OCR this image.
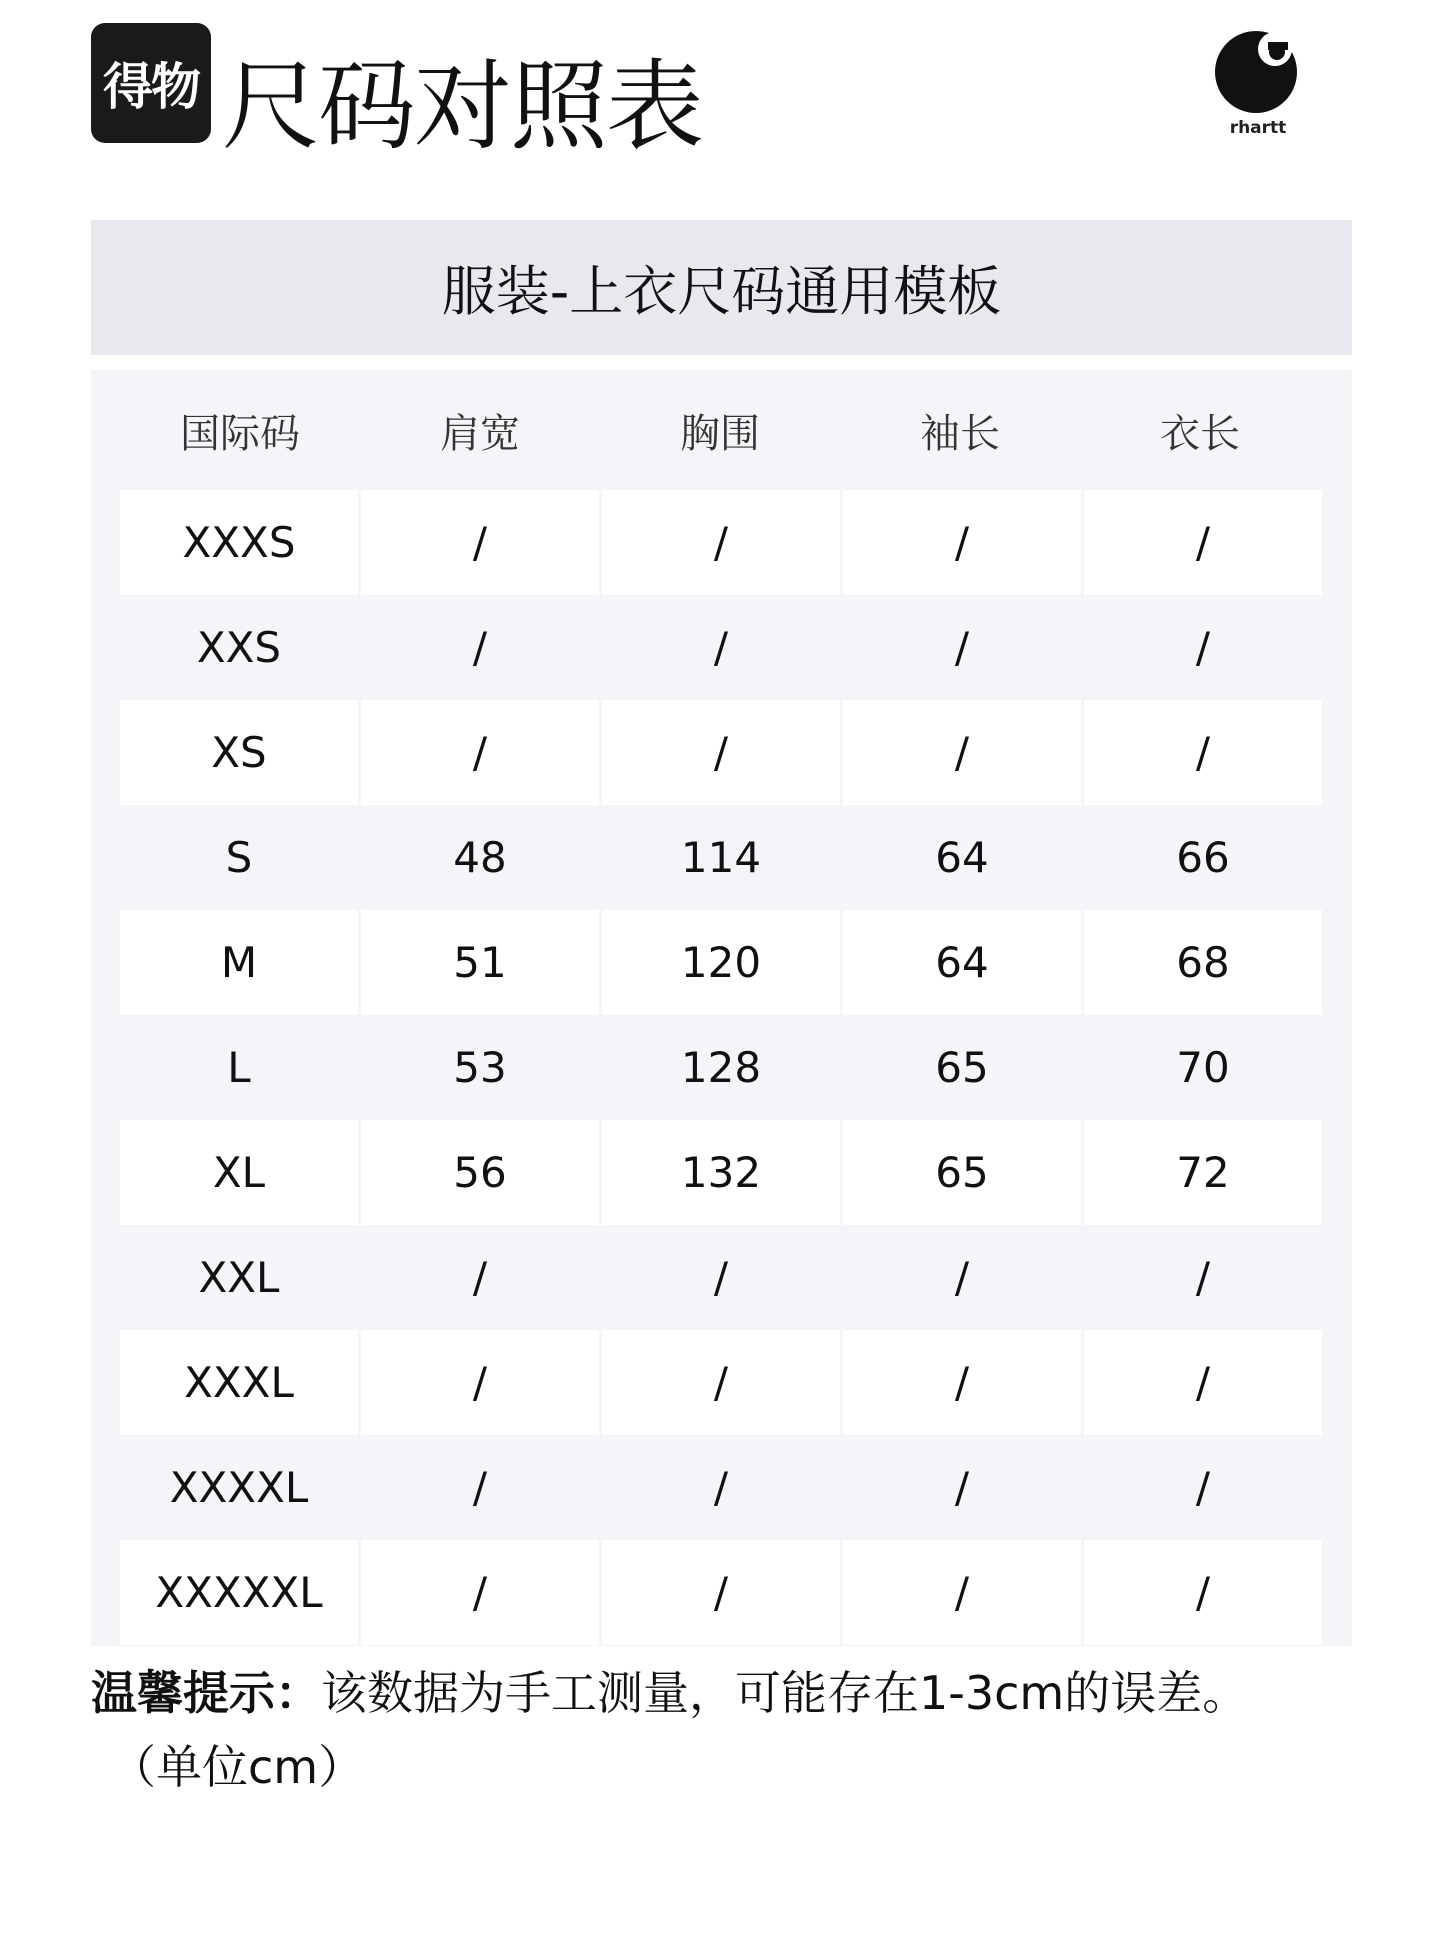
得物 尺码对照表	rhartt
服装-上衣尺码通用模板
国际码	肩宽	胸围	袖长	衣长
XXXS	/	/	/	/
XXS	/	/	/	/
XS	/	/	/	/
S	48	114	64	66
M	51	120	64	68
L	53	128	65	70
XL	56	132	65	72
XXL	/	/	/	/
XXXL	/	/	/	/
XXXXL	/	/	/	/
XXXXXL	/	/	/	/
温馨提示：该数据为手工测量，可能存在1-3cm的误差。
（单位cm）
